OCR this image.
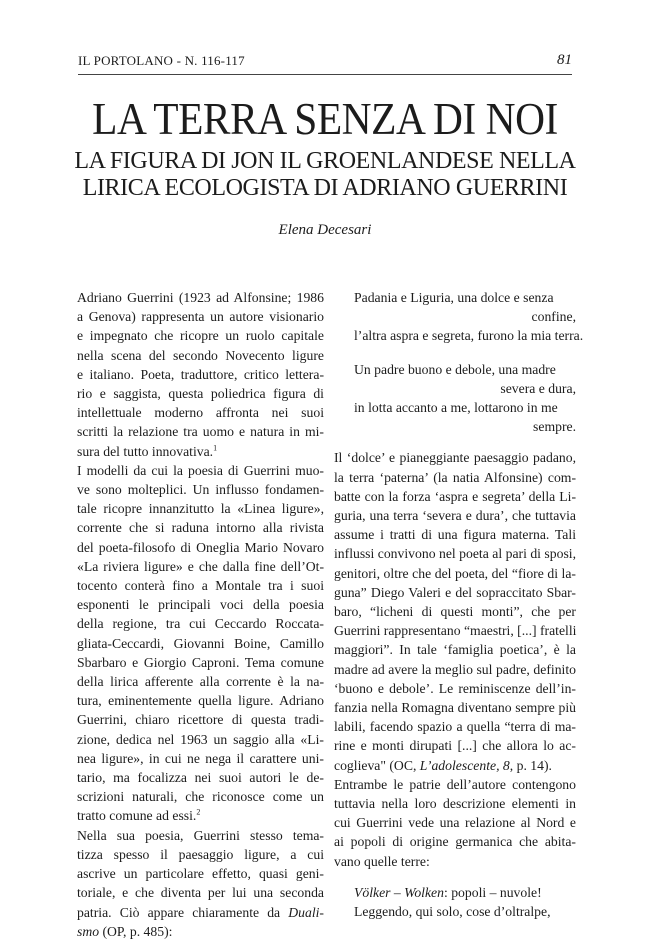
IL PORTOLANO - N. 116-117	81
LA TERRA SENZA DI NOI
LA FIGURA DI JON IL GROENLANDESE NELLA
LIRICA ECOLOGISTA DI ADRIANO GUERRINI
Elena Decesari
Adriano Guerrini (1923 ad Alfonsine; 1986
a Genova) rappresenta un autore visionario
e impegnato che ricopre un ruolo capitale
nella scena del secondo Novecento ligure
e italiano. Poeta, traduttore, critico lettera-
rio e saggista, questa poliedrica figura di
intellettuale moderno affronta nei suoi
scritti la relazione tra uomo e natura in mi-
sura del tutto innovativa.$^1$
I modelli da cui la poesia di Guerrini muo-
ve sono molteplici. Un influsso fondamen-
tale ricopre innanzitutto la «Linea ligure»,
corrente che si raduna intorno alla rivista
del poeta-filosofo di Oneglia Mario Novaro
«La riviera ligure» e che dalla fine dell’Ot-
tocento conterà fino a Montale tra i suoi
esponenti le principali voci della poesia
della regione, tra cui Ceccardo Roccata-
gliata-Ceccardi, Giovanni Boine, Camillo
Sbarbaro e Giorgio Caproni. Tema comune
della lirica afferente alla corrente è la na-
tura, eminentemente quella ligure. Adriano
Guerrini, chiaro ricettore di questa tradi-
zione, dedica nel 1963 un saggio alla «Li-
nea ligure», in cui ne nega il carattere uni-
tario, ma focalizza nei suoi autori le de-
scrizioni naturali, che riconosce come un
tratto comune ad essi.$^2$
Nella sua poesia, Guerrini stesso tema-
tizza spesso il paesaggio ligure, a cui
ascrive un particolare effetto, quasi geni-
toriale, e che diventa per lui una seconda
patria. Ciò appare chiaramente da Duali-
smo (OP, p. 485):
Padania e Liguria, una dolce e senza
confine,
l’altra aspra e segreta, furono la mia terra.
Un padre buono e debole, una madre
severa e dura,
in lotta accanto a me, lottarono in me
sempre.
Il ‘dolce’ e pianeggiante paesaggio padano,
la terra ‘paterna’ (la natia Alfonsine) com-
batte con la forza ‘aspra e segreta’ della Li-
guria, una terra ‘severa e dura’, che tuttavia
assume i tratti di una figura materna. Tali
influssi convivono nel poeta al pari di sposi,
genitori, oltre che del poeta, del “fiore di la-
guna” Diego Valeri e del sopraccitato Sbar-
baro, “licheni di questi monti”, che per
Guerrini rappresentano “maestri, [...] fratelli
maggiori”. In tale ‘famiglia poetica’, è la
madre ad avere la meglio sul padre, definito
‘buono e debole’. Le reminiscenze dell’in-
fanzia nella Romagna diventano sempre più
labili, facendo spazio a quella “terra di ma-
rine e monti dirupati [...] che allora lo ac-
coglieva" (OC, L’adolescente, 8, p. 14).
Entrambe le patrie dell’autore contengono
tuttavia nella loro descrizione elementi in
cui Guerrini vede una relazione al Nord e
ai popoli di origine germanica che abita-
vano quelle terre:
Völker – Wolken: popoli – nuvole!
Leggendo, qui solo, cose d’oltralpe,
